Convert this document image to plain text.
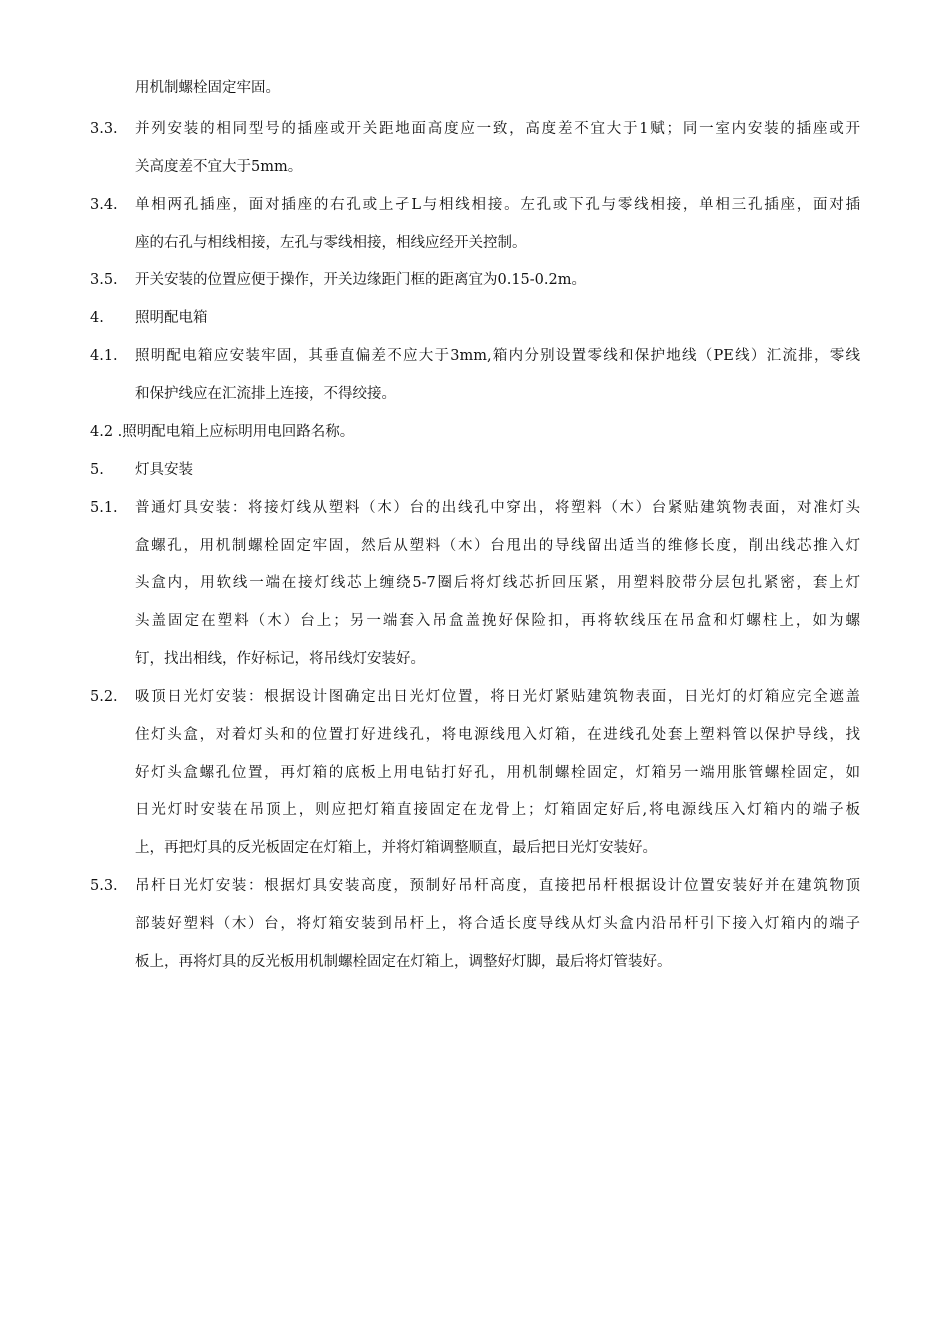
用机制螺栓固定牢固。
3.3. 并列安装的相同型号的插座或开关距地面高度应一致，高度差不宜大于1赋；同一室内安装的插座或开
关高度差不宜大于5mm。
3.4. 单相两孔插座，面对插座的右孔或上孑L与相线相接。左孔或下孔与零线相接，单相三孔插座，面对插
座的右孔与相线相接，左孔与零线相接，相线应经开关控制。
3.5. 开关安装的位置应便于操作，开关边缘距门框的距离宜为0.15-0.2m。
4. 照明配电箱
4.1. 照明配电箱应安装牢固，其垂直偏差不应大于3mm,箱内分别设置零线和保护地线（PE线）汇流排，零线
和保护线应在汇流排上连接，不得绞接。
4.2 .照明配电箱上应标明用电回路名称。
5. 灯具安装
5.1. 普通灯具安装：将接灯线从塑料（木）台的出线孔中穿出，将塑料（木）台紧贴建筑物表面，对准灯头
盒螺孔，用机制螺栓固定牢固，然后从塑料（木）台甩出的导线留出适当的维修长度，削出线芯推入灯
头盒内，用软线一端在接灯线芯上缠绕5-7圈后将灯线芯折回压紧，用塑料胶带分层包扎紧密，套上灯
头盖固定在塑料（木）台上；另一端套入吊盒盖挽好保险扣，再将软线压在吊盒和灯螺柱上，如为螺
钉，找出相线，作好标记，将吊线灯安装好。
5.2. 吸顶日光灯安装：根据设计图确定出日光灯位置，将日光灯紧贴建筑物表面，日光灯的灯箱应完全遮盖
住灯头盒，对着灯头和的位置打好进线孔，将电源线甩入灯箱，在进线孔处套上塑料管以保护导线，找
好灯头盒螺孔位置，再灯箱的底板上用电钻打好孔，用机制螺栓固定，灯箱另一端用胀管螺栓固定，如
日光灯时安装在吊顶上，则应把灯箱直接固定在龙骨上；灯箱固定好后,将电源线压入灯箱内的端子板
上，再把灯具的反光板固定在灯箱上，并将灯箱调整顺直，最后把日光灯安装好。
5.3. 吊杆日光灯安装：根据灯具安装高度，预制好吊杆高度，直接把吊杆根据设计位置安装好并在建筑物顶
部装好塑料（木）台，将灯箱安装到吊杆上，将合适长度导线从灯头盒内沿吊杆引下接入灯箱内的端子
板上，再将灯具的反光板用机制螺栓固定在灯箱上，调整好灯脚，最后将灯管装好。
